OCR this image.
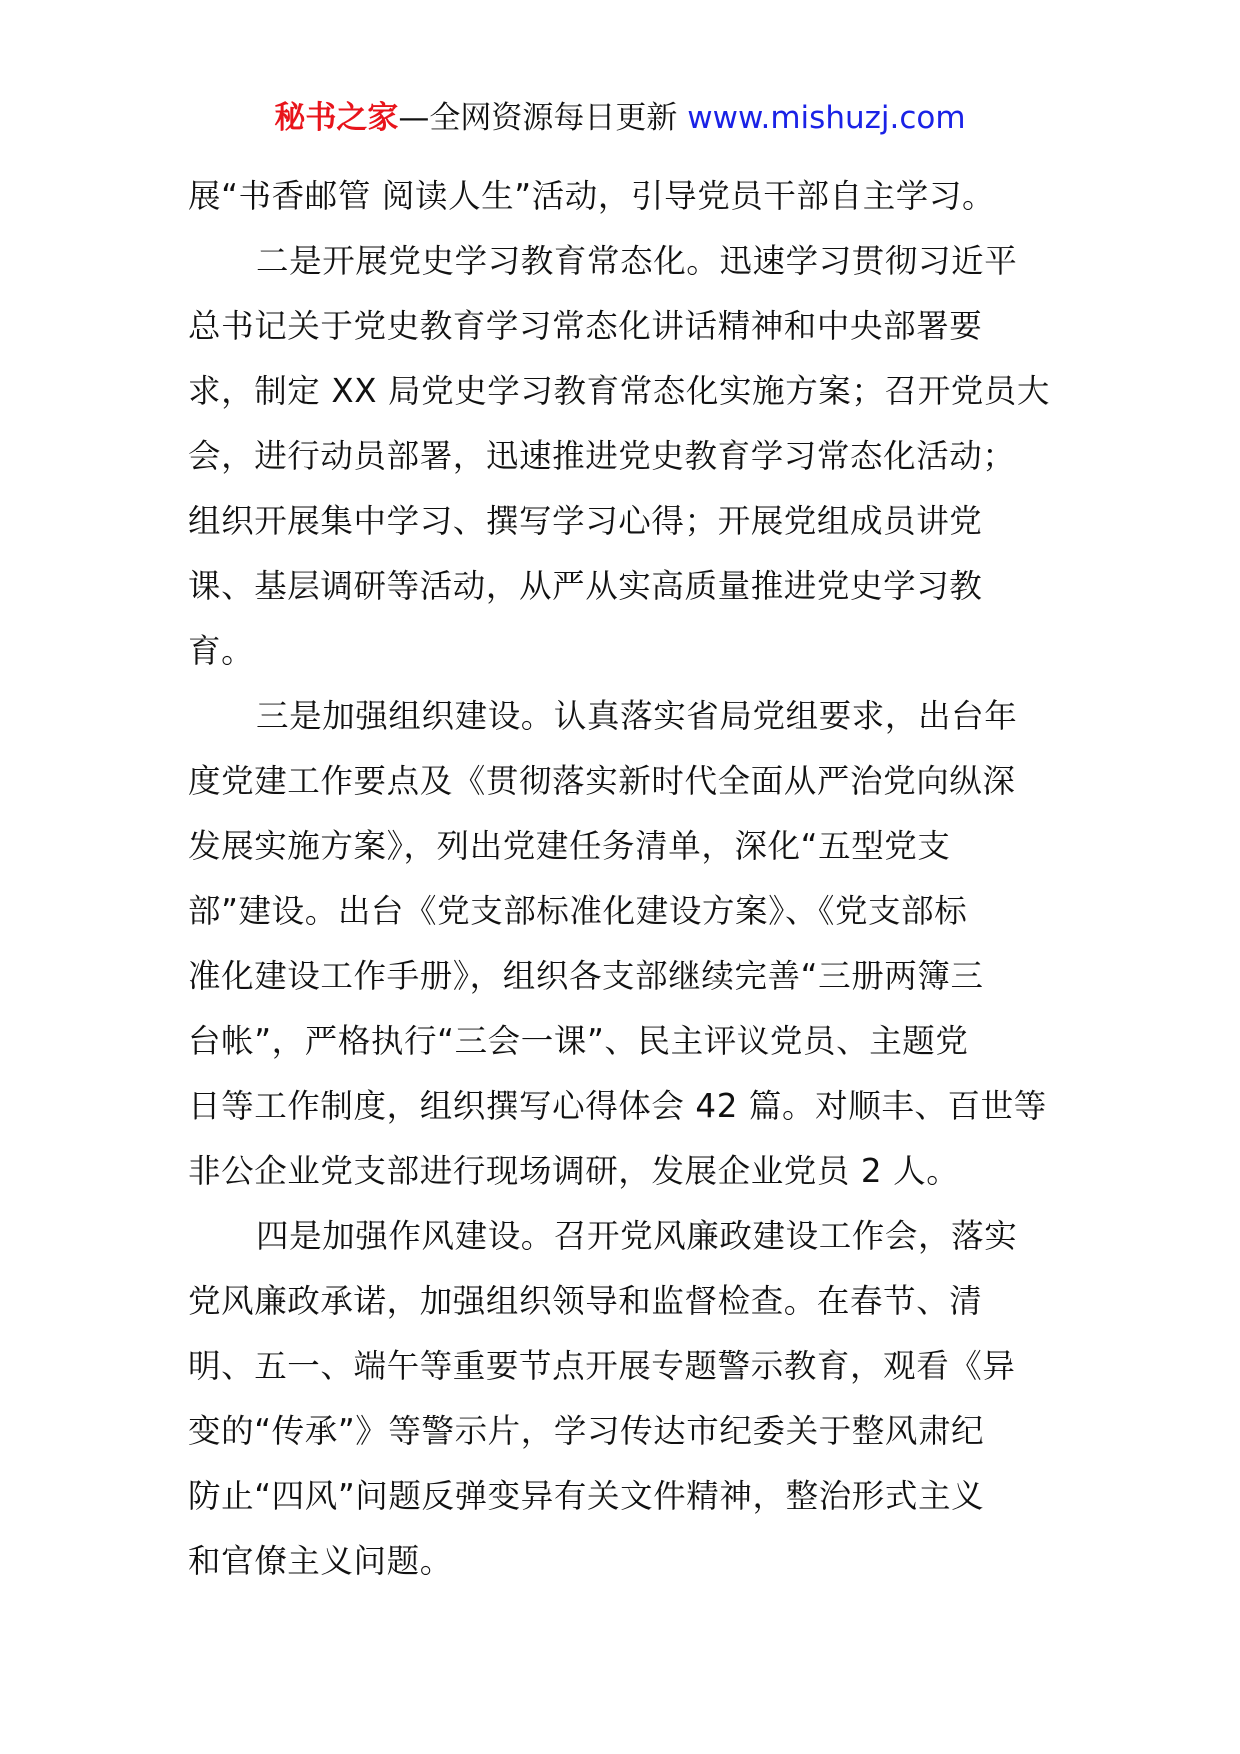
秘书之家—全网资源每日更新 www.mishuzj.com
展“书香邮管 阅读人生”活动，引导党员干部自主学习。
二是开展党史学习教育常态化。迅速学习贯彻习近平
总书记关于党史教育学习常态化讲话精神和中央部署要
求，制定 XX 局党史学习教育常态化实施方案；召开党员大
会，进行动员部署，迅速推进党史教育学习常态化活动；
组织开展集中学习、撰写学习心得；开展党组成员讲党
课、基层调研等活动，从严从实高质量推进党史学习教
育。
三是加强组织建设。认真落实省局党组要求，出台年
度党建工作要点及《贯彻落实新时代全面从严治党向纵深
发展实施方案》，列出党建任务清单，深化“五型党支
部”建设。出台《党支部标准化建设方案》、《党支部标
准化建设工作手册》，组织各支部继续完善“三册两簿三
台帐”，严格执行“三会一课”、民主评议党员、主题党
日等工作制度，组织撰写心得体会 42 篇。对顺丰、百世等
非公企业党支部进行现场调研，发展企业党员 2 人。
四是加强作风建设。召开党风廉政建设工作会，落实
党风廉政承诺，加强组织领导和监督检查。在春节、清
明、五一、端午等重要节点开展专题警示教育，观看《异
变的“传承”》等警示片，学习传达市纪委关于整风肃纪
防止“四风”问题反弹变异有关文件精神，整治形式主义
和官僚主义问题。
